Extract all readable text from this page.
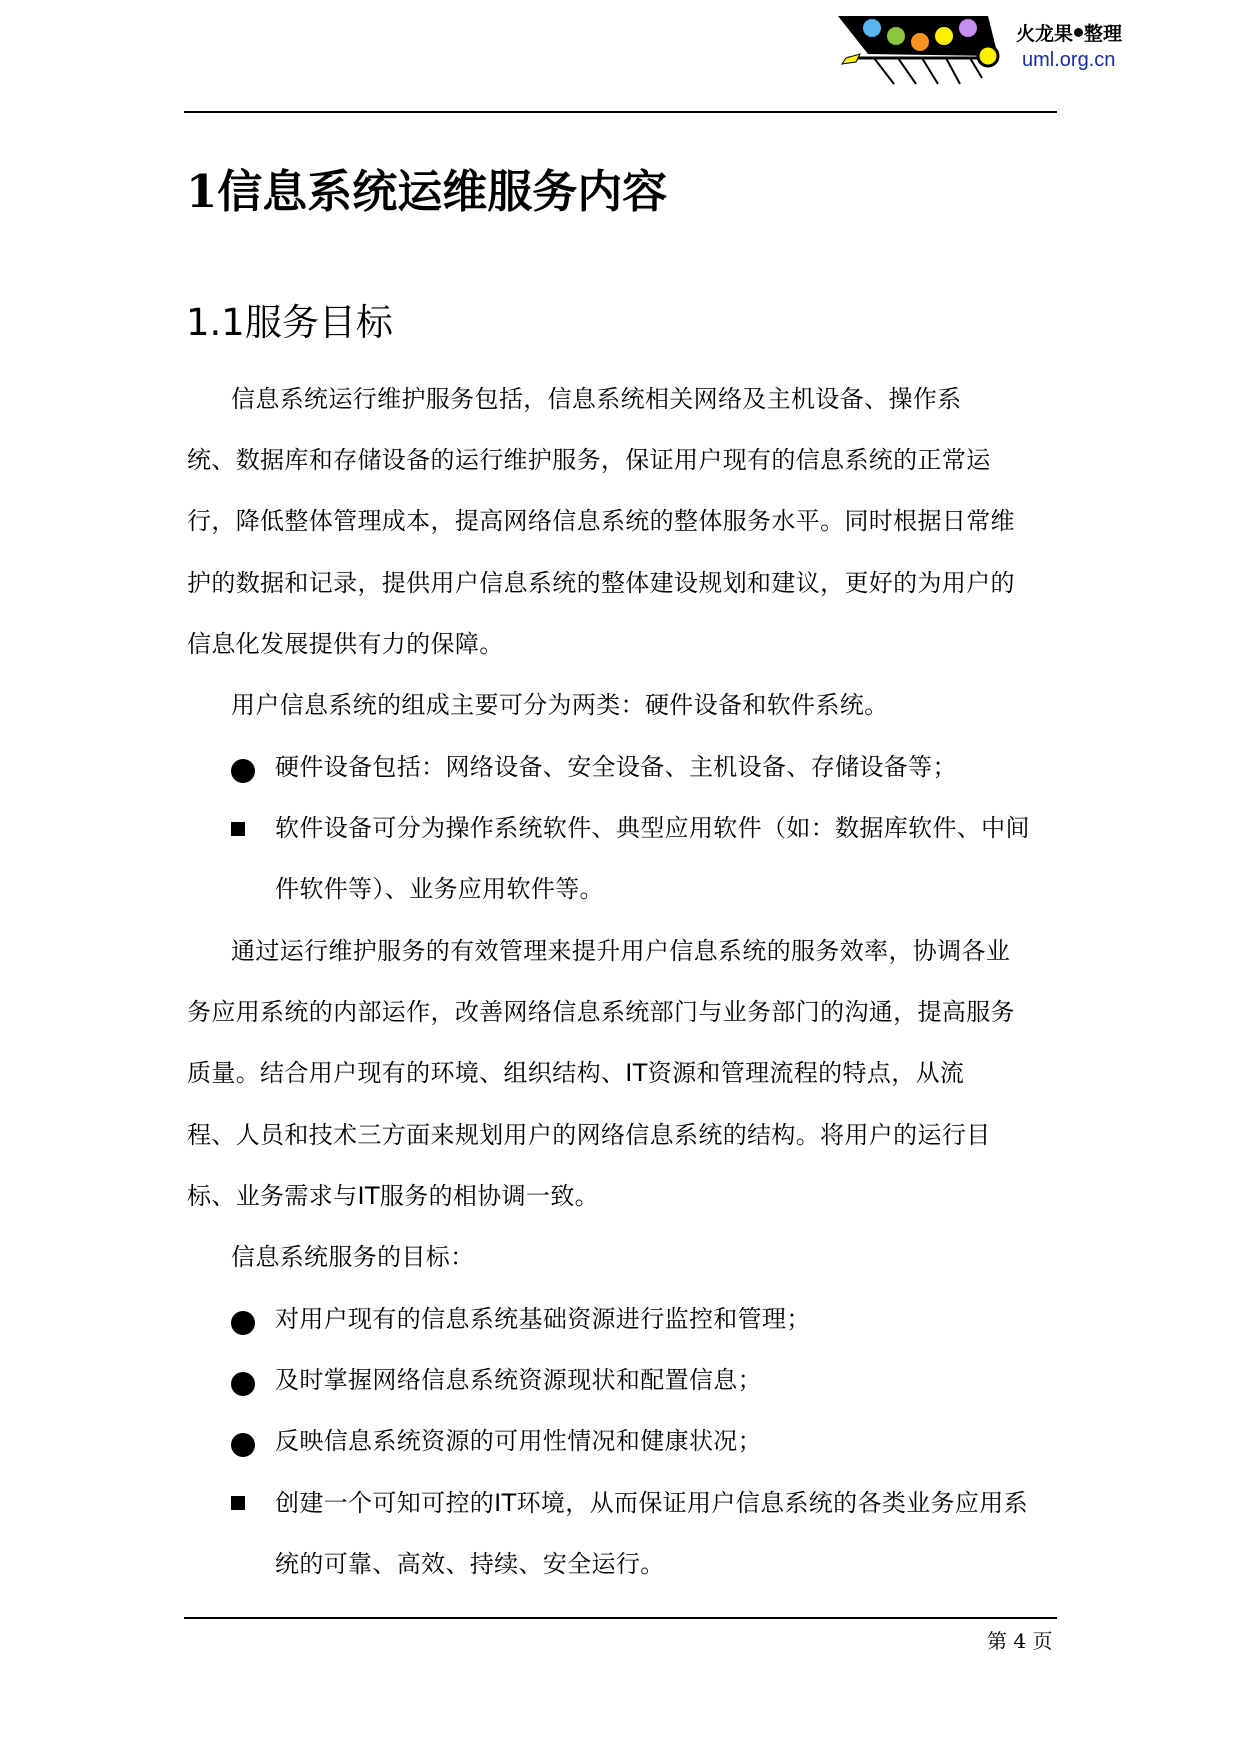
火龙果 整理
uml.org.cn
1信息系统运维服务内容
1.1服务目标
信息系统运行维护服务包括，信息系统相关网络及主机设备、操作系
统、数据库和存储设备的运行维护服务，保证用户现有的信息系统的正常运
行，降低整体管理成本，提高网络信息系统的整体服务水平。同时根据日常维
护的数据和记录，提供用户信息系统的整体建设规划和建议，更好的为用户的
信息化发展提供有力的保障。
用户信息系统的组成主要可分为两类：硬件设备和软件系统。
硬件设备包括：网络设备、安全设备、主机设备、存储设备等；
软件设备可分为操作系统软件、典型应用软件（如：数据库软件、中间
件软件等）、业务应用软件等。
通过运行维护服务的有效管理来提升用户信息系统的服务效率，协调各业
务应用系统的内部运作，改善网络信息系统部门与业务部门的沟通，提高服务
质量。结合用户现有的环境、组织结构、IT资源和管理流程的特点，从流
程、人员和技术三方面来规划用户的网络信息系统的结构。将用户的运行目
标、业务需求与IT服务的相协调一致。
信息系统服务的目标：
对用户现有的信息系统基础资源进行监控和管理；
及时掌握网络信息系统资源现状和配置信息；
反映信息系统资源的可用性情况和健康状况；
创建一个可知可控的IT环境，从而保证用户信息系统的各类业务应用系
统的可靠、高效、持续、安全运行。
第 4 页
